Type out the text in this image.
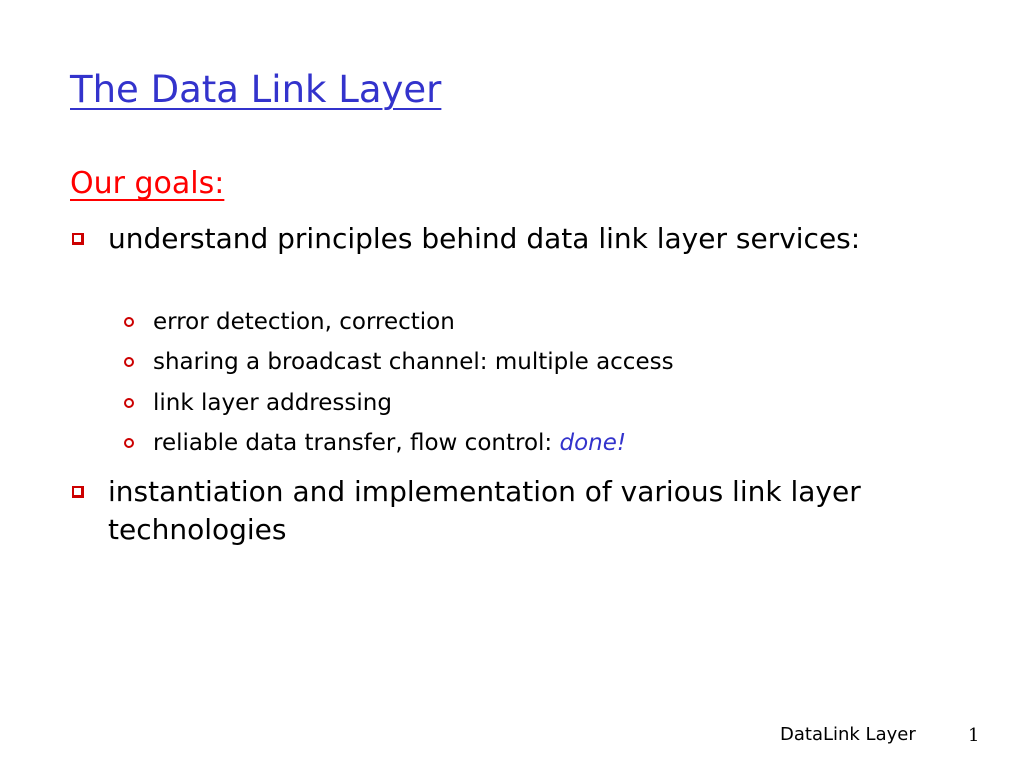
The Data Link Layer
Our goals:
understand principles behind data link layer services:
error detection, correction
sharing a broadcast channel: multiple access
link layer addressing
reliable data transfer, flow control: done!
instantiation and implementation of various link layer technologies
DataLink Layer	1
